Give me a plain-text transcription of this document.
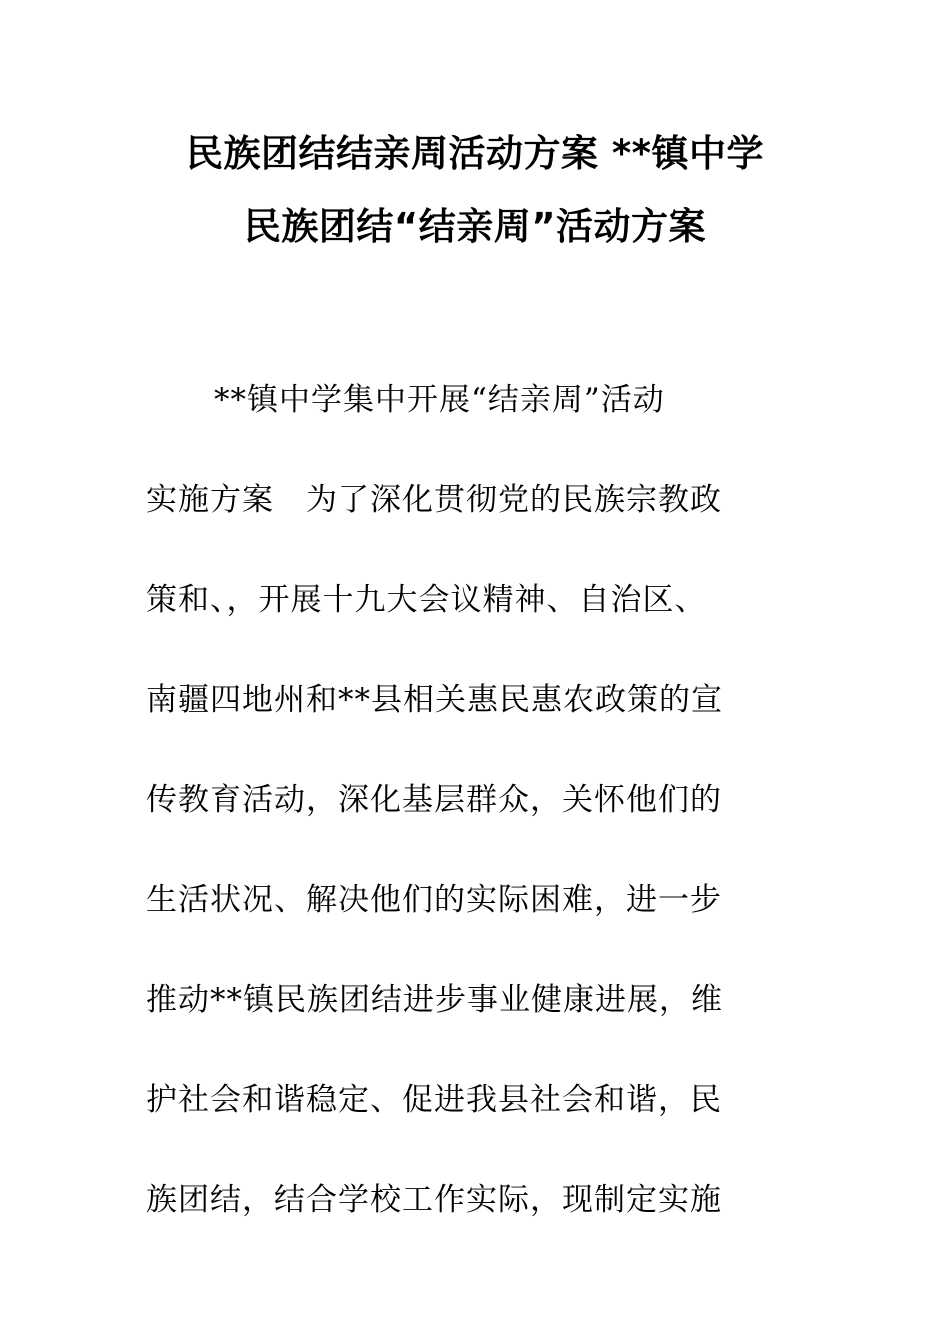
民族团结结亲周活动方案 **镇中学
民族团结“结亲周”活动方案
**镇中学集中开展“结亲周”活动
实施方案　为了深化贯彻党的民族宗教政
策和、，开展十九大会议精神、自治区、
南疆四地州和**县相关惠民惠农政策的宣
传教育活动，深化基层群众，关怀他们的
生活状况、解决他们的实际困难，进一步
推动**镇民族团结进步事业健康进展，维
护社会和谐稳定、促进我县社会和谐，民
族团结，结合学校工作实际，现制定实施
